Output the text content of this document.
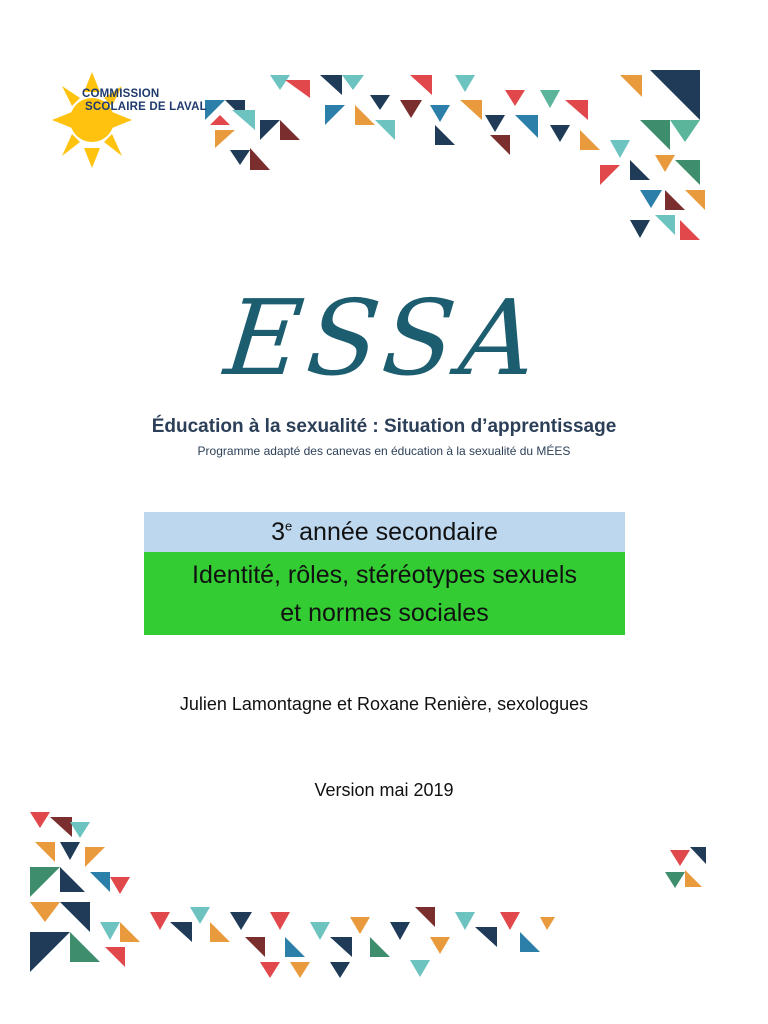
COMMISSION
SCOLAIRE DE LAVAL
ESSA
Éducation à la sexualité : Situation d’apprentissage
Programme adapté des canevas en éducation à la sexualité du MÉES
3e année secondaire
Identité, rôles, stéréotypes sexuels
et normes sociales
Julien Lamontagne et Roxane Renière, sexologues
Version mai 2019
